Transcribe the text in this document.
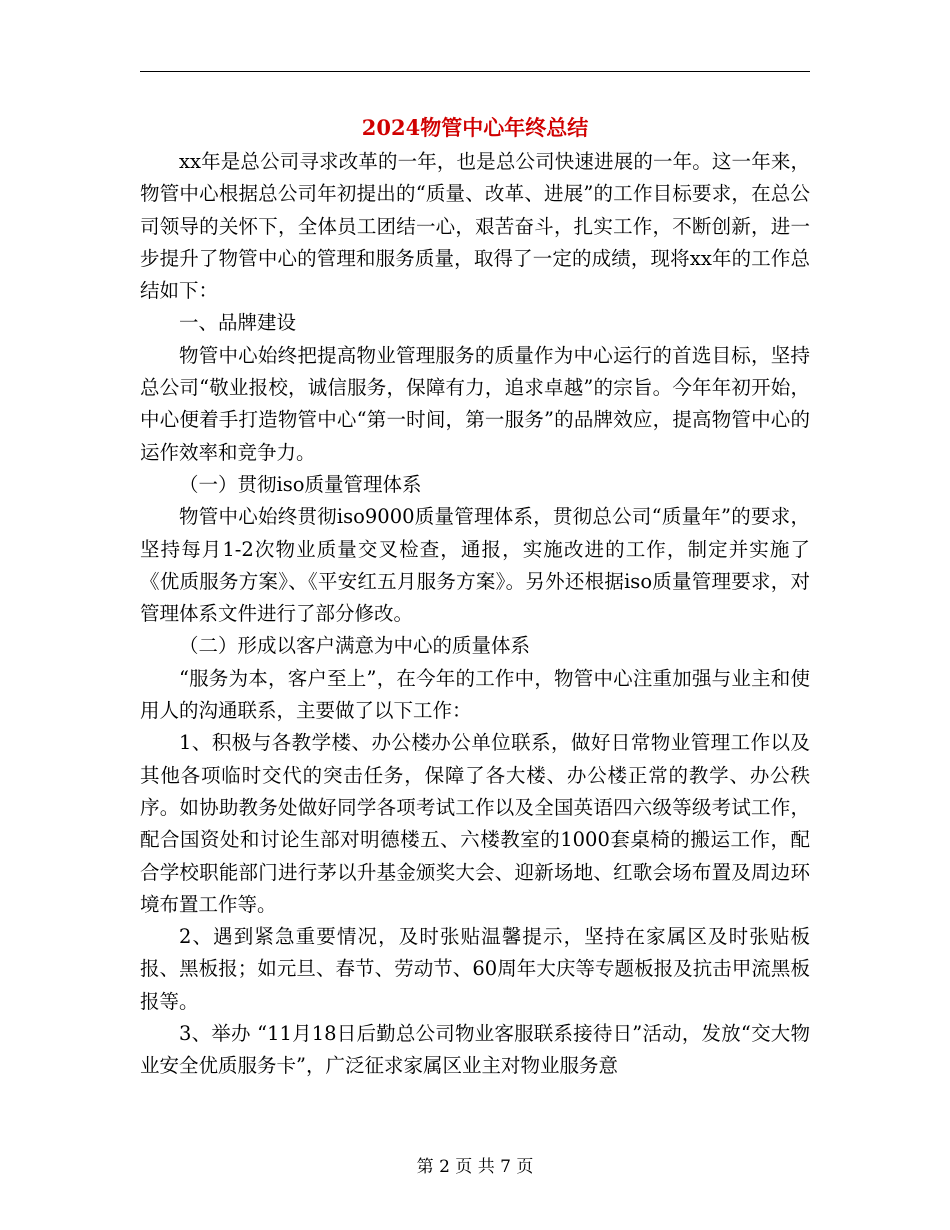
2024物管中心年终总结

xx年是总公司寻求改革的一年，也是总公司快速进展的一年。这一年来，物管中心根据总公司年初提出的“质量、改革、进展”的工作目标要求，在总公司领导的关怀下，全体员工团结一心，艰苦奋斗，扎实工作，不断创新，进一步提升了物管中心的管理和服务质量，取得了一定的成绩，现将xx年的工作总结如下：

一、品牌建设

物管中心始终把提高物业管理服务的质量作为中心运行的首选目标，坚持总公司“敬业报校，诚信服务，保障有力，追求卓越”的宗旨。今年年初开始，中心便着手打造物管中心“第一时间，第一服务”的品牌效应，提高物管中心的运作效率和竞争力。

（一）贯彻iso质量管理体系

物管中心始终贯彻iso9000质量管理体系，贯彻总公司“质量年”的要求，坚持每月1-2次物业质量交叉检查，通报，实施改进的工作，制定并实施了《优质服务方案》、《平安红五月服务方案》。另外还根据iso质量管理要求，对管理体系文件进行了部分修改。

（二）形成以客户满意为中心的质量体系

“服务为本，客户至上”，在今年的工作中，物管中心注重加强与业主和使用人的沟通联系，主要做了以下工作：

1、积极与各教学楼、办公楼办公单位联系，做好日常物业管理工作以及其他各项临时交代的突击任务，保障了各大楼、办公楼正常的教学、办公秩序。如协助教务处做好同学各项考试工作以及全国英语四六级等级考试工作，配合国资处和讨论生部对明德楼五、六楼教室的1000套桌椅的搬运工作，配合学校职能部门进行茅以升基金颁奖大会、迎新场地、红歌会场布置及周边环境布置工作等。

2、遇到紧急重要情况，及时张贴温馨提示，坚持在家属区及时张贴板报、黑板报；如元旦、春节、劳动节、60周年大庆等专题板报及抗击甲流黑板报等。

3、举办 “11月18日后勤总公司物业客服联系接待日”活动，发放“交大物业安全优质服务卡”，广泛征求家属区业主对物业服务意

第 2 页 共 7 页
